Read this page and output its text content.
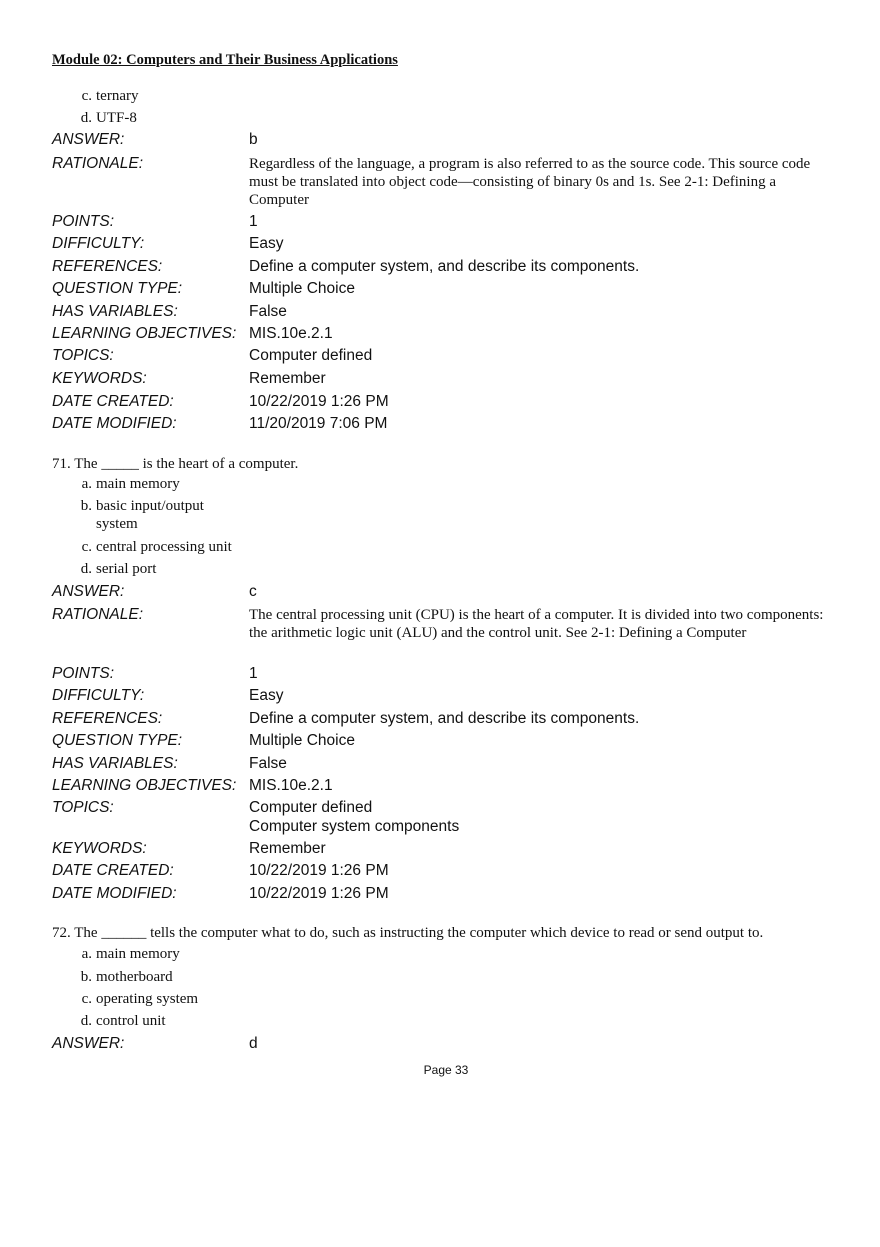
Module 02: Computers and Their Business Applications
c. ternary
d. UTF-8
ANSWER:	b
RATIONALE:	Regardless of the language, a program is also referred to as the source code. This source code must be translated into object code—consisting of binary 0s and 1s. See 2-1: Defining a Computer
POINTS:	1
DIFFICULTY:	Easy
REFERENCES:	Define a computer system, and describe its components.
QUESTION TYPE:	Multiple Choice
HAS VARIABLES:	False
LEARNING OBJECTIVES: MIS.10e.2.1
TOPICS:	Computer defined
KEYWORDS:	Remember
DATE CREATED:	10/22/2019 1:26 PM
DATE MODIFIED:	11/20/2019 7:06 PM
71. The _____ is the heart of a computer.
a. main memory
b. basic input/output
system
c. central processing unit
d. serial port
ANSWER:	c
RATIONALE:	The central processing unit (CPU) is the heart of a computer. It is divided into two components: the arithmetic logic unit (ALU) and the control unit. See 2-1: Defining a Computer
POINTS:	1
DIFFICULTY:	Easy
REFERENCES:	Define a computer system, and describe its components.
QUESTION TYPE:	Multiple Choice
HAS VARIABLES:	False
LEARNING OBJECTIVES: MIS.10e.2.1
TOPICS:	Computer defined
Computer system components
KEYWORDS:	Remember
DATE CREATED:	10/22/2019 1:26 PM
DATE MODIFIED:	10/22/2019 1:26 PM
72. The ______ tells the computer what to do, such as instructing the computer which device to read or send output to.
a. main memory
b. motherboard
c. operating system
d. control unit
ANSWER:	d
Page 33
